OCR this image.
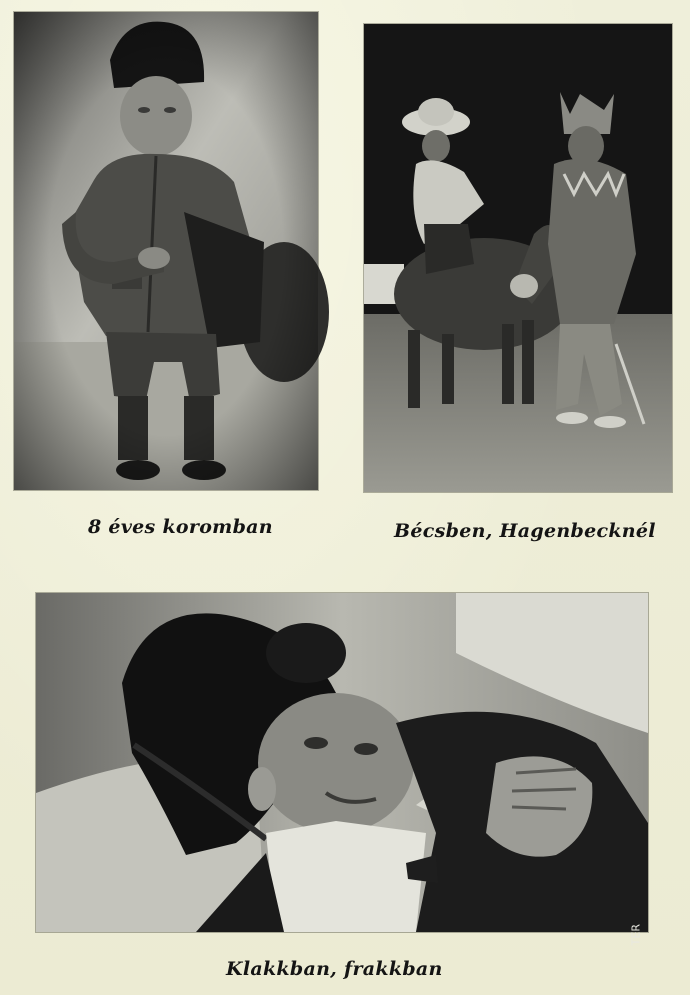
TER
8 éves koromban	Bécsben, Hagenbecknél
Klakkban, frakkban
